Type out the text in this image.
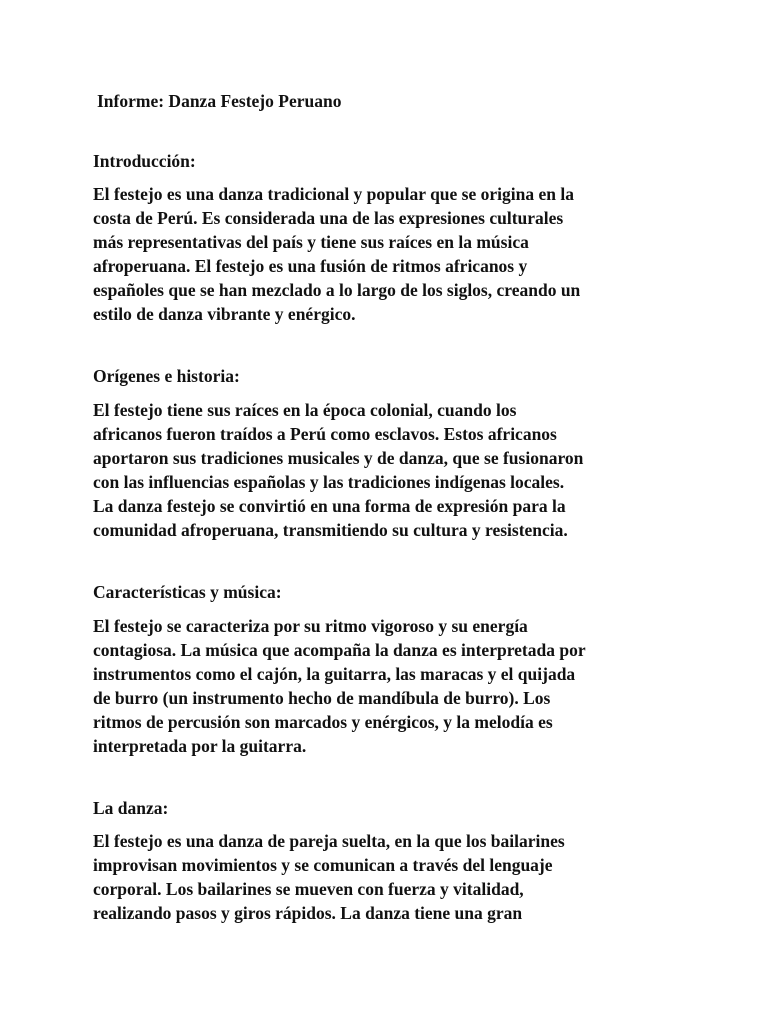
Informe: Danza Festejo Peruano

Introducción:

El festejo es una danza tradicional y popular que se origina en la
costa de Perú. Es considerada una de las expresiones culturales
más representativas del país y tiene sus raíces en la música
afroperuana. El festejo es una fusión de ritmos africanos y
españoles que se han mezclado a lo largo de los siglos, creando un
estilo de danza vibrante y enérgico.

Orígenes e historia:

El festejo tiene sus raíces en la época colonial, cuando los
africanos fueron traídos a Perú como esclavos. Estos africanos
aportaron sus tradiciones musicales y de danza, que se fusionaron
con las influencias españolas y las tradiciones indígenas locales.
La danza festejo se convirtió en una forma de expresión para la
comunidad afroperuana, transmitiendo su cultura y resistencia.

Características y música:

El festejo se caracteriza por su ritmo vigoroso y su energía
contagiosa. La música que acompaña la danza es interpretada por
instrumentos como el cajón, la guitarra, las maracas y el quijada
de burro (un instrumento hecho de mandíbula de burro). Los
ritmos de percusión son marcados y enérgicos, y la melodía es
interpretada por la guitarra.

La danza:

El festejo es una danza de pareja suelta, en la que los bailarines
improvisan movimientos y se comunican a través del lenguaje
corporal. Los bailarines se mueven con fuerza y vitalidad,
realizando pasos y giros rápidos. La danza tiene una gran
